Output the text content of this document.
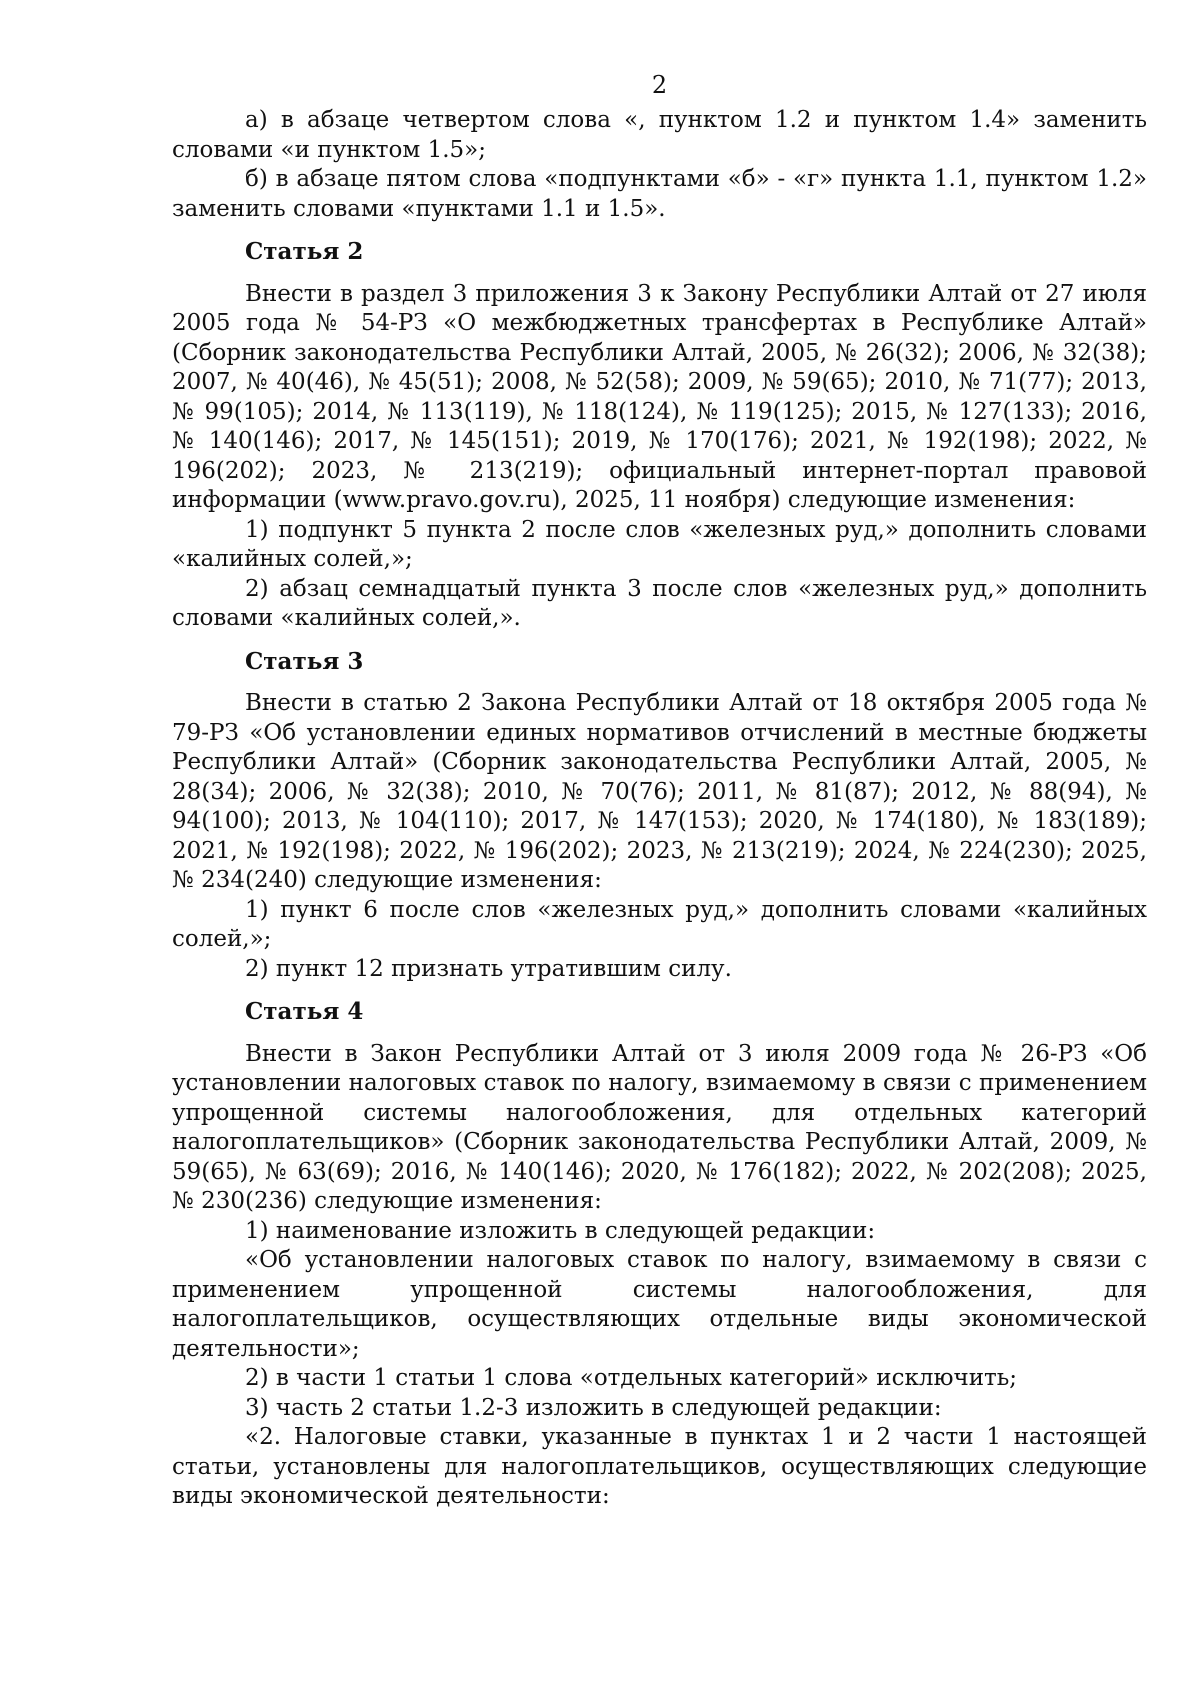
2

а) в абзаце четвертом слова «, пунктом 1.2 и пунктом 1.4» заменить словами «и пунктом 1.5»;

б) в абзаце пятом слова «подпунктами «б» - «г» пункта 1.1, пунктом 1.2» заменить словами «пунктами 1.1 и 1.5».

Статья 2

Внести в раздел 3 приложения 3 к Закону Республики Алтай от 27 июля 2005 года № 54-РЗ «О межбюджетных трансфертах в Республике Алтай» (Сборник законодательства Республики Алтай, 2005, № 26(32); 2006, № 32(38); 2007, № 40(46), № 45(51); 2008, № 52(58); 2009, № 59(65); 2010, № 71(77); 2013, № 99(105); 2014, № 113(119), № 118(124), № 119(125); 2015, № 127(133); 2016, № 140(146); 2017, № 145(151); 2019, № 170(176); 2021, № 192(198); 2022, № 196(202); 2023, № 213(219); официальный интернет-портал правовой информации (www.pravo.gov.ru), 2025, 11 ноября) следующие изменения:

1) подпункт 5 пункта 2 после слов «железных руд,» дополнить словами «калийных солей,»;

2) абзац семнадцатый пункта 3 после слов «железных руд,» дополнить словами «калийных солей,».

Статья 3

Внести в статью 2 Закона Республики Алтай от 18 октября 2005 года № 79-РЗ «Об установлении единых нормативов отчислений в местные бюджеты Республики Алтай» (Сборник законодательства Республики Алтай, 2005, № 28(34); 2006, № 32(38); 2010, № 70(76); 2011, № 81(87); 2012, № 88(94), № 94(100); 2013, № 104(110); 2017, № 147(153); 2020, № 174(180), № 183(189); 2021, № 192(198); 2022, № 196(202); 2023, № 213(219); 2024, № 224(230); 2025, № 234(240) следующие изменения:

1) пункт 6 после слов «железных руд,» дополнить словами «калийных солей,»;

2) пункт 12 признать утратившим силу.

Статья 4

Внести в Закон Республики Алтай от 3 июля 2009 года № 26-РЗ «Об установлении налоговых ставок по налогу, взимаемому в связи с применением упрощенной системы налогообложения, для отдельных категорий налогоплательщиков» (Сборник законодательства Республики Алтай, 2009, № 59(65), № 63(69); 2016, № 140(146); 2020, № 176(182); 2022, № 202(208); 2025, № 230(236) следующие изменения:

1) наименование изложить в следующей редакции:

«Об установлении налоговых ставок по налогу, взимаемому в связи с применением упрощенной системы налогообложения, для налогоплательщиков, осуществляющих отдельные виды экономической деятельности»;

2) в части 1 статьи 1 слова «отдельных категорий» исключить;

3) часть 2 статьи 1.2-3 изложить в следующей редакции:

«2. Налоговые ставки, указанные в пунктах 1 и 2 части 1 настоящей статьи, установлены для налогоплательщиков, осуществляющих следующие виды экономической деятельности:
